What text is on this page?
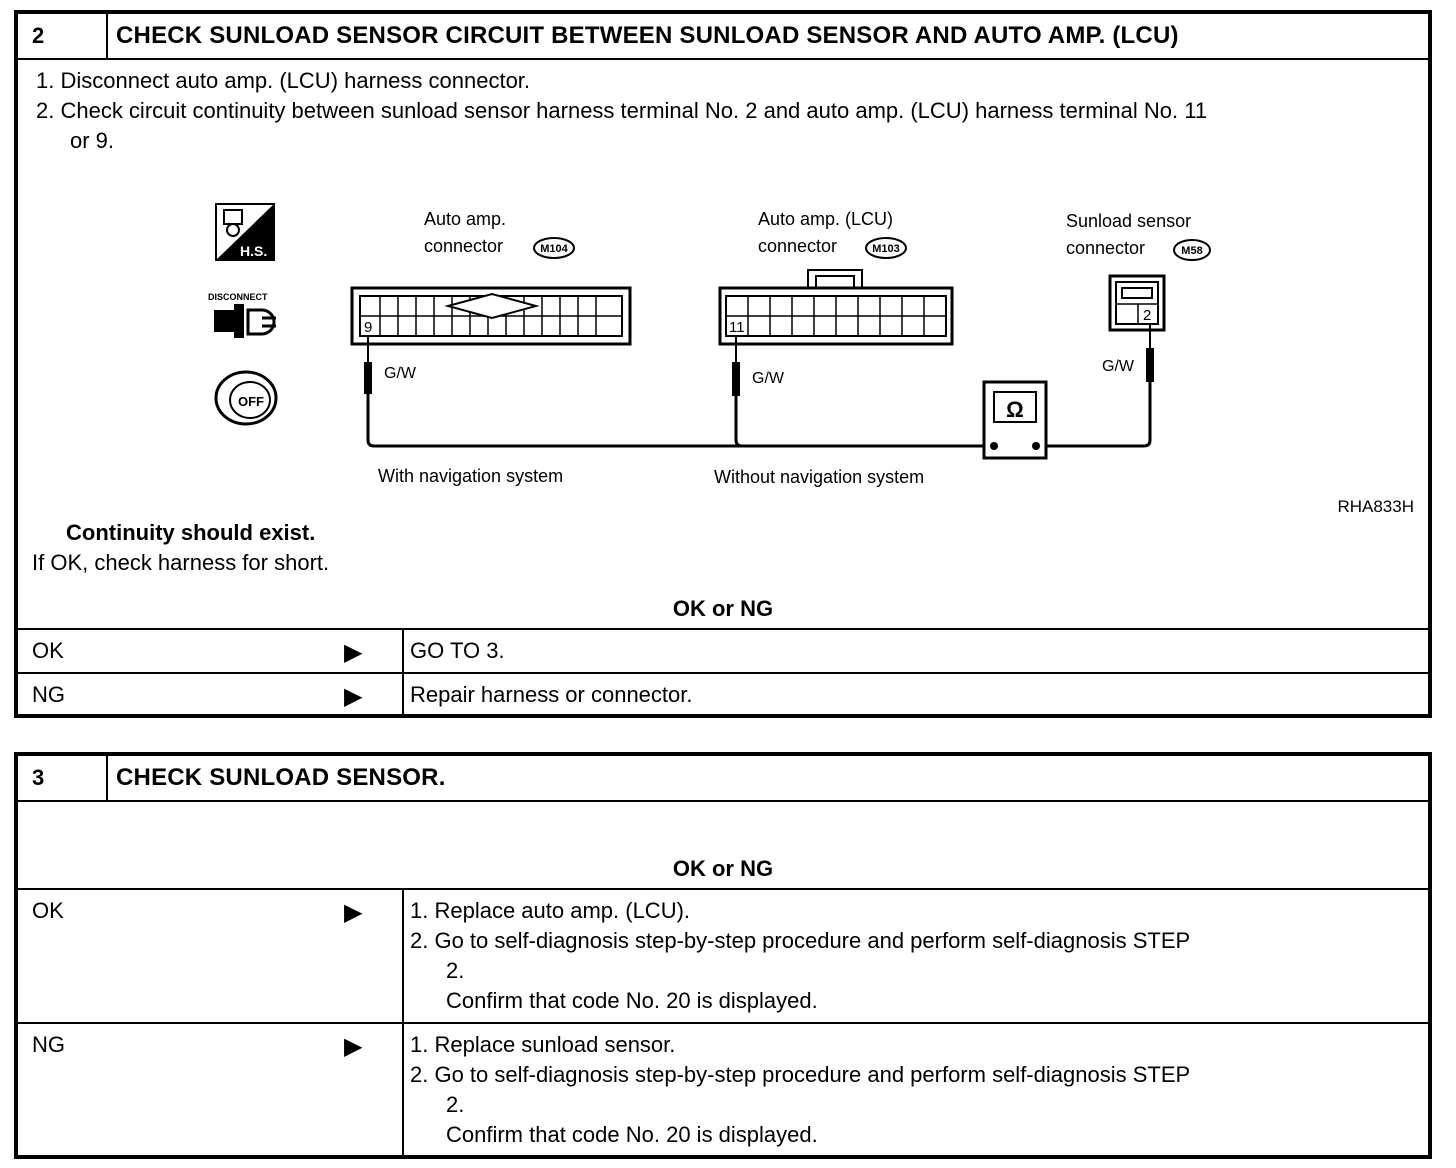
2	CHECK SUNLOAD SENSOR CIRCUIT BETWEEN SUNLOAD SENSOR AND AUTO AMP. (LCU)
1. Disconnect auto amp. (LCU) harness connector.
2. Check circuit continuity between sunload sensor harness terminal No. 2 and auto amp. (LCU) harness terminal No. 11
or 9.
H.S.
DISCONNECT
OFF
Auto amp.
connector	M104
9
Auto amp. (LCU)
connector	M103
11
Sunload sensor
connector	M58
2
G/W	G/W
G/W
Ω
With navigation system	Without navigation system
RHA833H
Continuity should exist.
If OK, check harness for short.
OK or NG
OK	▶ GO TO 3.
NG	▶ Repair harness or connector.
3	CHECK SUNLOAD SENSOR.
OK or NG
OK	▶ 1. Replace auto amp. (LCU).
2. Go to self-diagnosis step-by-step procedure and perform self-diagnosis STEP
2.
Confirm that code No. 20 is displayed.
NG	▶ 1. Replace sunload sensor.
2. Go to self-diagnosis step-by-step procedure and perform self-diagnosis STEP
2.
Confirm that code No. 20 is displayed.
